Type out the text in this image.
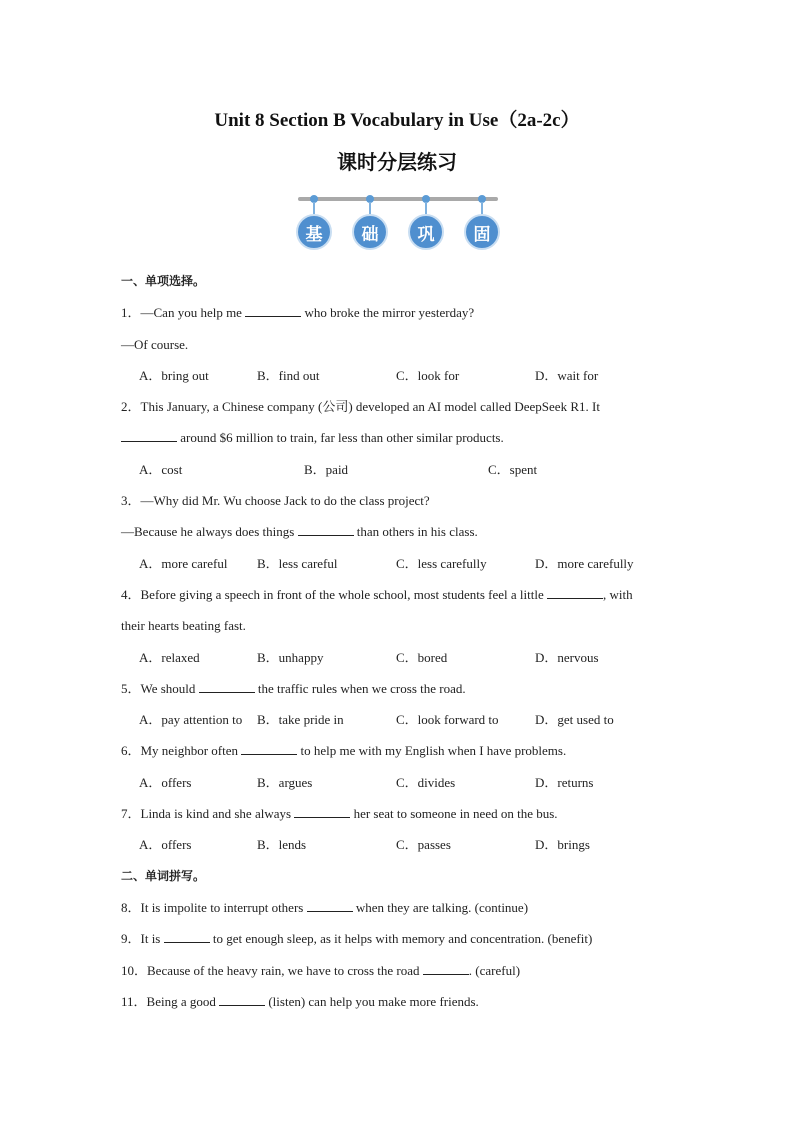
Unit 8 Section B Vocabulary in Use（2a-2c）
课时分层练习
基	础	巩	固
一、单项选择。
1．—Can you help me	who broke the mirror yesterday?
—Of course.
A．bring out	B．find out	C．look for	D．wait for
2．This January, a Chinese company (公司) developed an AI model called DeepSeek R1. It
around $6 million to train, far less than other similar products.
A．cost	B．paid	C．spent
3．—Why did Mr. Wu choose Jack to do the class project?
—Because he always does things	than others in his class.
A．more careful	B．less careful	C．less carefully	D．more carefully
4．Before giving a speech in front of the whole school, most students feel a little	, with
their hearts beating fast.
A．relaxed	B．unhappy	C．bored	D．nervous
5．We should	the traffic rules when we cross the road.
A．pay attention to	B．take pride in	C．look forward to	D．get used to
6．My neighbor often	to help me with my English when I have problems.
A．offers	B．argues	C．divides	D．returns
7．Linda is kind and she always	her seat to someone in need on the bus.
A．offers	B．lends	C．passes	D．brings
二、单词拼写。
8．It is impolite to interrupt others	when they are talking. (continue)
9．It is	to get enough sleep, as it helps with memory and concentration. (benefit)
10．Because of the heavy rain, we have to cross the road	. (careful)
11．Being a good	(listen) can help you make more friends.
